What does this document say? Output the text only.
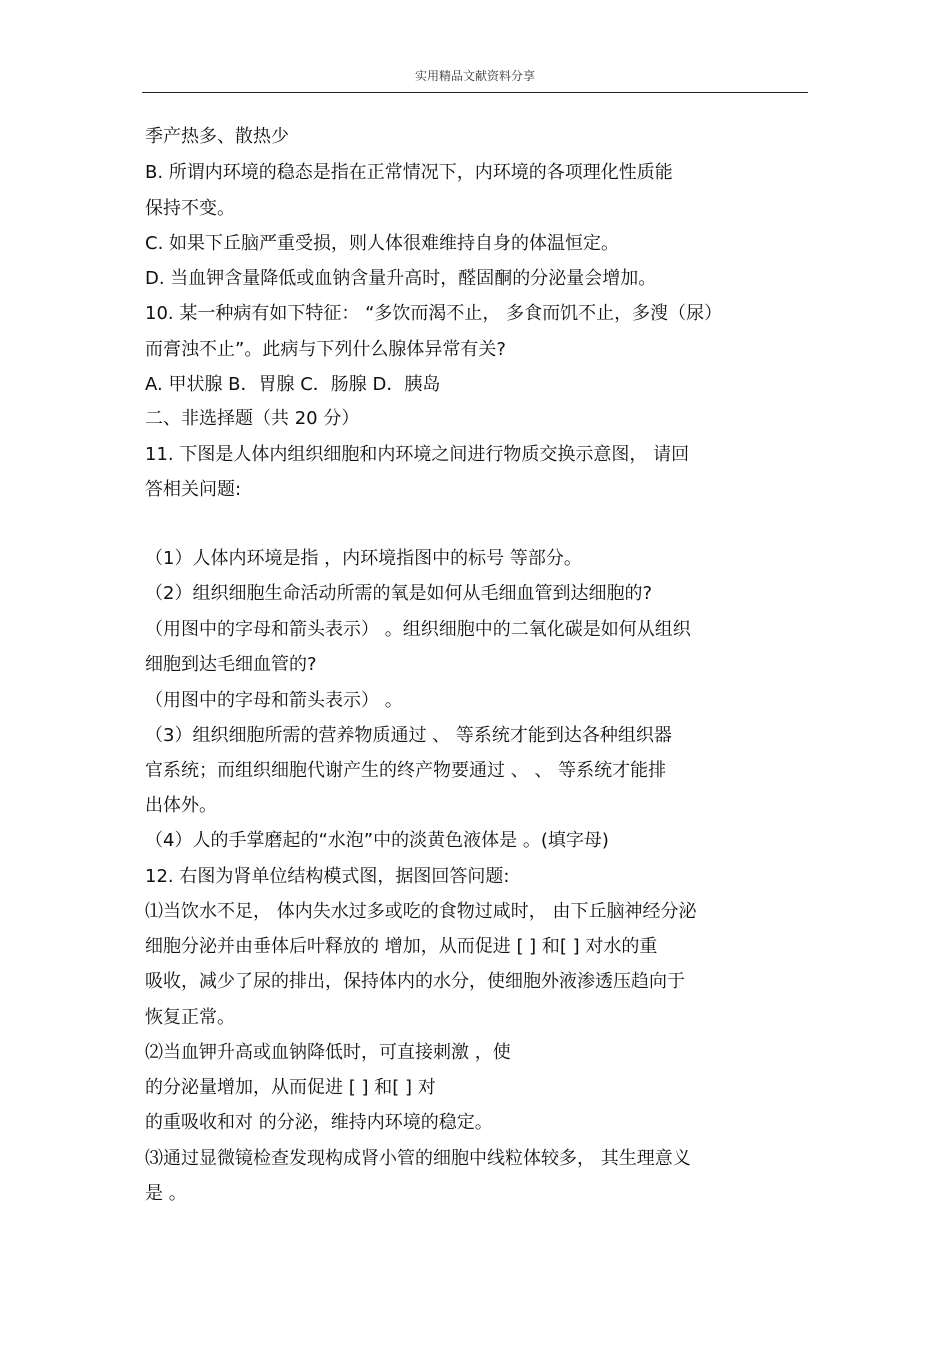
实用精品文献资料分享
季产热多、散热少
B. 所谓内环境的稳态是指在正常情况下，内环境的各项理化性质能
保持不变。
C. 如果下丘脑严重受损，则人体很难维持自身的体温恒定。
D. 当血钾含量降低或血钠含量升高时，醛固酮的分泌量会增加。
10. 某一种病有如下特征： “多饮而渴不止， 多食而饥不止，多溲（尿）
而膏浊不止”。此病与下列什么腺体异常有关?
A. 甲状腺 B．胃腺 C．肠腺 D．胰岛
二、非选择题（共 20 分）
11. 下图是人体内组织细胞和内环境之间进行物质交换示意图， 请回
答相关问题:
（1）人体内环境是指 ，内环境指图中的标号 等部分。
（2）组织细胞生命活动所需的氧是如何从毛细血管到达细胞的?
（用图中的字母和箭头表示） 。组织细胞中的二氧化碳是如何从组织
细胞到达毛细血管的?
（用图中的字母和箭头表示） 。
（3）组织细胞所需的营养物质通过 、 等系统才能到达各种组织器
官系统；而组织细胞代谢产生的终产物要通过 、 、 等系统才能排
出体外。
（4）人的手掌磨起的“水泡”中的淡黄色液体是 。(填字母)
12. 右图为肾单位结构模式图，据图回答问题:
⑴当饮水不足， 体内失水过多或吃的食物过咸时， 由下丘脑神经分泌
细胞分泌并由垂体后叶释放的 增加，从而促进 [ ] 和[ ] 对水的重
吸收，减少了尿的排出，保持体内的水分，使细胞外液渗透压趋向于
恢复正常。
⑵当血钾升高或血钠降低时，可直接刺激 ，使
的分泌量增加，从而促进 [ ] 和[ ] 对
的重吸收和对 的分泌，维持内环境的稳定。
⑶通过显微镜检查发现构成肾小管的细胞中线粒体较多， 其生理意义
是 。
